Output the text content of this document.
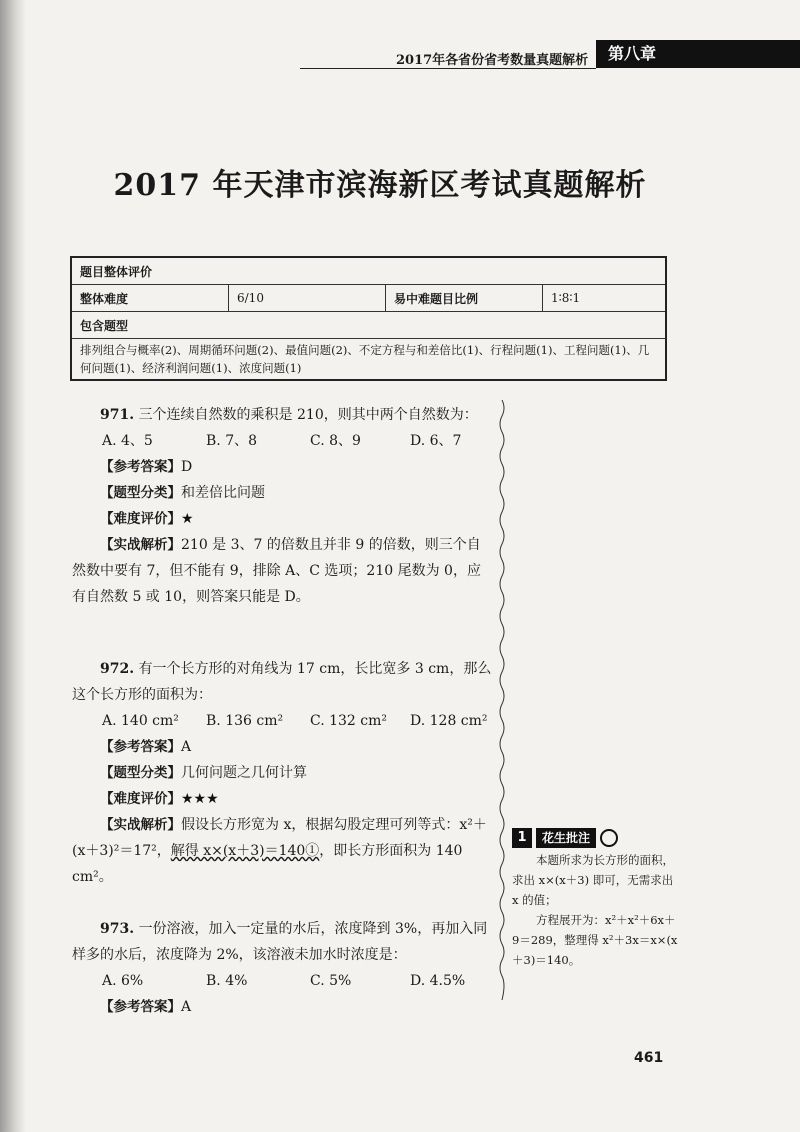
2017年各省份省考数量真题解析	第八章
2017 年天津市滨海新区考试真题解析
题目整体评价
整体难度	6/10	易中难题目比例	1∶8∶1
包含题型
排列组合与概率(2)、周期循环问题(2)、最值问题(2)、不定方程与和差倍比(1)、行程问题(1)、工程问题(1)、几何问题(1)、经济利润问题(1)、浓度问题(1)
971. 三个连续自然数的乘积是 210，则其中两个自然数为：
A. 4、5	B. 7、8	C. 8、9	D. 6、7
【参考答案】D
【题型分类】和差倍比问题
【难度评价】★
【实战解析】210 是 3、7 的倍数且并非 9 的倍数，则三个自然数中要有 7，但不能有 9，排除 A、C 选项；210 尾数为 0，应有自然数 5 或 10，则答案只能是 D。
972. 有一个长方形的对角线为 17 cm，长比宽多 3 cm，那么这个长方形的面积为：
A. 140 cm²	B. 136 cm²	C. 132 cm²	D. 128 cm²
【参考答案】A
【题型分类】几何问题之几何计算
【难度评价】★★★
【实战解析】假设长方形宽为 x，根据勾股定理可列等式：x²＋(x＋3)²＝17²，解得 x×(x＋3)＝140①，即长方形面积为 140 cm²。
973. 一份溶液，加入一定量的水后，浓度降到 3%，再加入同样多的水后，浓度降为 2%，该溶液未加水时浓度是：
A. 6%	B. 4%	C. 5%	D. 4.5%
【参考答案】A
1	花生批注
本题所求为长方形的面积，求出 x×(x＋3) 即可，无需求出 x 的值；
方程展开为：x²＋x²＋6x＋9＝289，整理得 x²＋3x＝x×(x＋3)＝140。
461
